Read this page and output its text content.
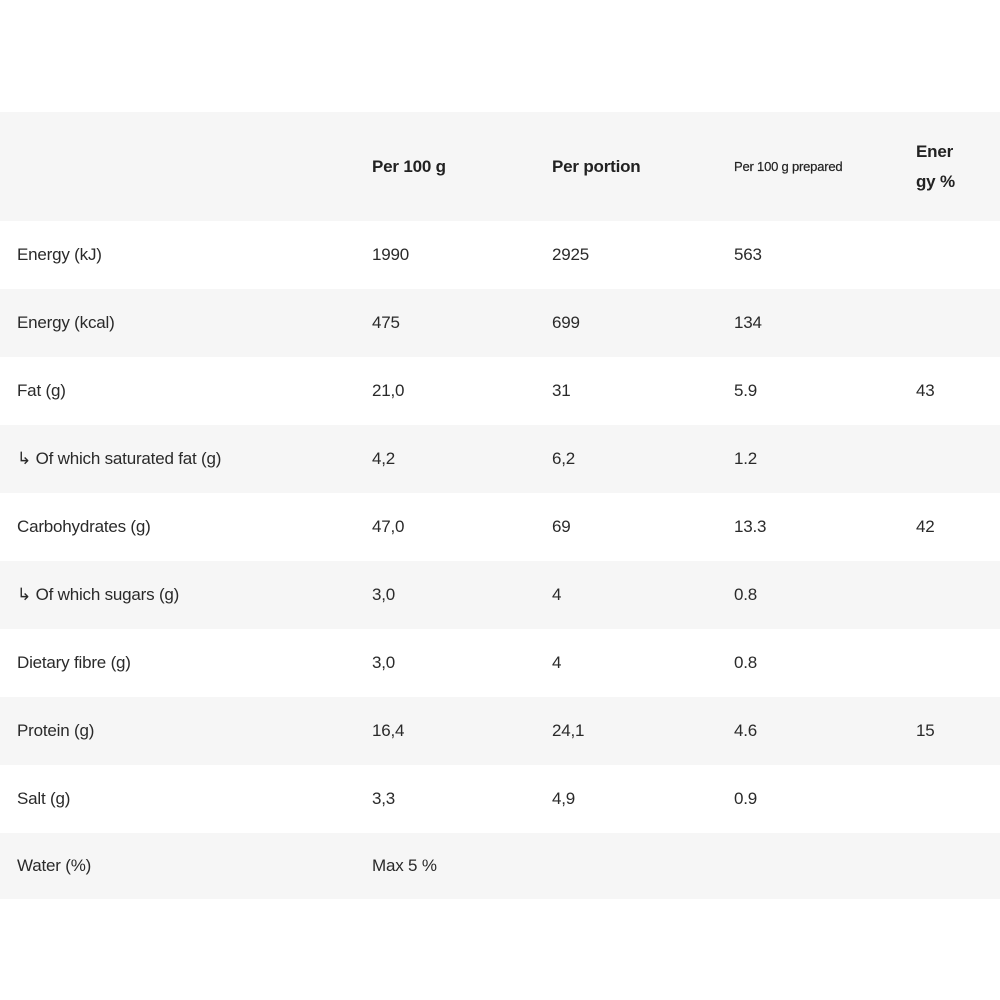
	Per 100 g	Per portion	Per 100 g prepared	Energy %
Energy (kJ)	1990	2925	563	
Energy (kcal)	475	699	134	
Fat (g)	21,0	31	5.9	43
↳ Of which saturated fat (g)	4,2	6,2	1.2	
Carbohydrates (g)	47,0	69	13.3	42
↳ Of which sugars (g)	3,0	4	0.8	
Dietary fibre (g)	3,0	4	0.8	
Protein (g)	16,4	24,1	4.6	15
Salt (g)	3,3	4,9	0.9	
Water (%)	Max 5 %			
